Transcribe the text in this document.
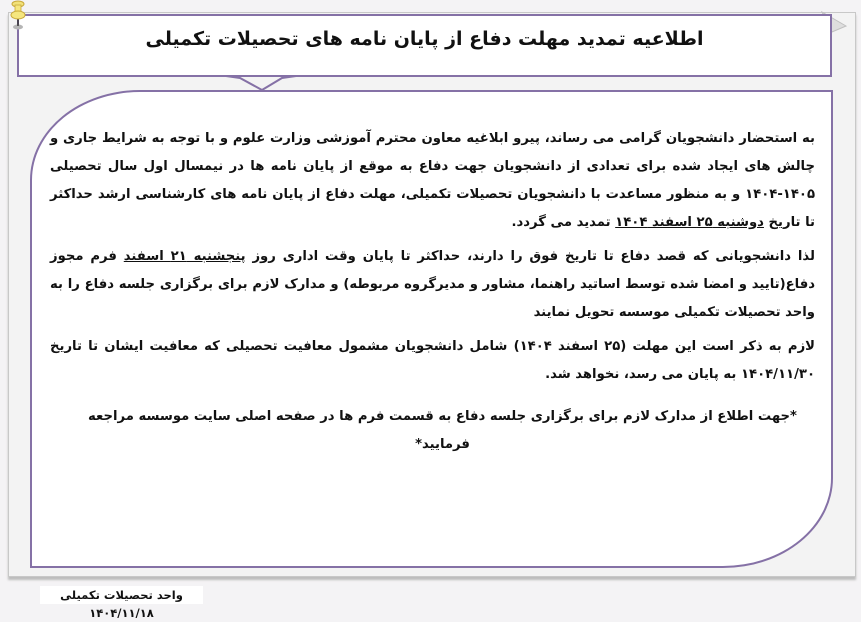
اطلاعیه تمدید مهلت دفاع از پایان نامه های تحصیلات تکمیلی

به استحضار دانشجویان گرامی می رساند، پیرو ابلاغیه معاون محترم آموزشی وزارت علوم و با توجه به شرایط جاری و چالش های ایجاد شده برای تعدادی از دانشجویان جهت دفاع به موقع از پایان نامه ها در نیمسال اول سال تحصیلی ۱۴۰۵-۱۴۰۴ و به منظور مساعدت با دانشجویان تحصیلات تکمیلی، مهلت دفاع از پایان نامه های کارشناسی ارشد حداکثر تا تاریخ دوشنبه ۲۵ اسفند ۱۴۰۴ تمدید می گردد.

لذا دانشجویانی که قصد دفاع تا تاریخ فوق را دارند، حداکثر تا پایان وقت اداری روز پنجشنبه ۲۱ اسفند فرم مجوز دفاع(تایید و امضا شده توسط اساتید راهنما، مشاور و مدیرگروه مربوطه) و مدارک لازم برای برگزاری جلسه دفاع را به واحد تحصیلات تکمیلی موسسه تحویل نمایند

لازم به ذکر است این مهلت (۲۵ اسفند ۱۴۰۴) شامل دانشجویان مشمول معافیت تحصیلی که معافیت ایشان تا تاریخ ۱۴۰۴/۱۱/۳۰ به پایان می رسد، نخواهد شد.

*جهت اطلاع از مدارک لازم برای برگزاری جلسه دفاع به قسمت فرم ها در صفحه اصلی سایت موسسه مراجعه فرمایید*

واحد تحصیلات تکمیلی ۱۴۰۴/۱۱/۱۸
